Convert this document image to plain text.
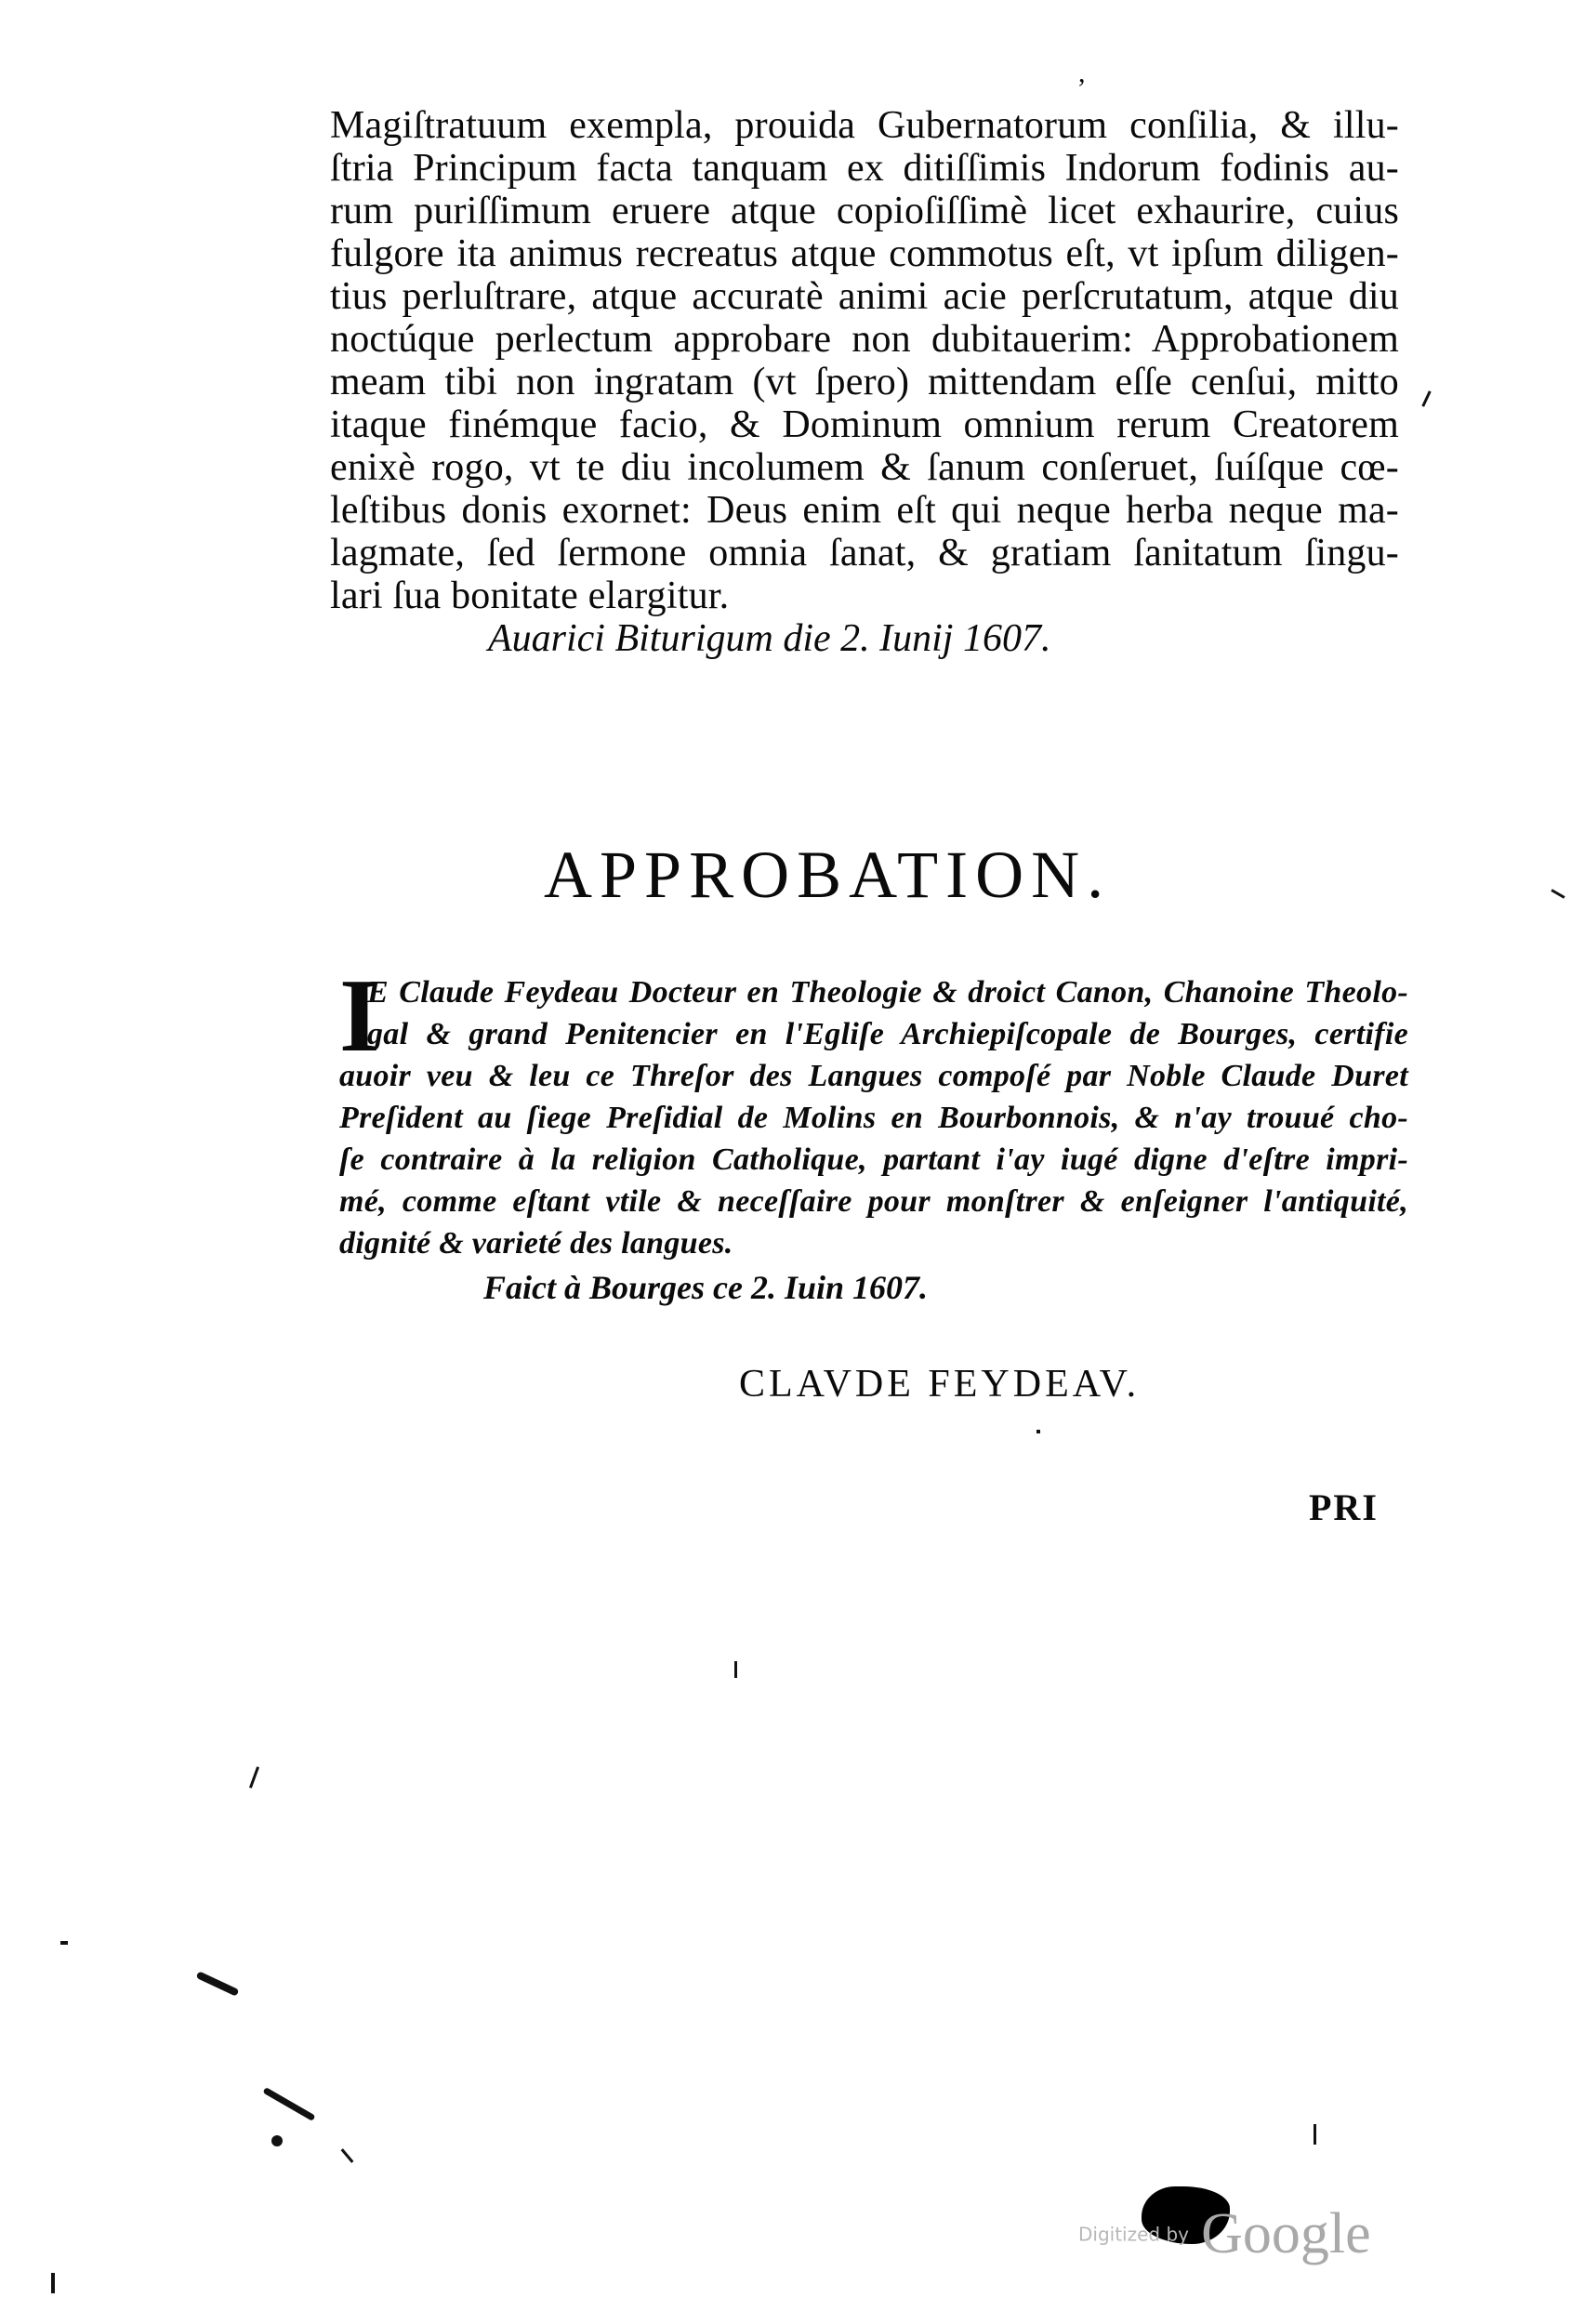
,
Magiſtratuum exempla, prouida Gubernatorum conſilia, & illu-
ſtria Principum facta tanquam ex ditiſſimis Indorum fodinis au-
rum puriſſimum eruere atque copioſiſſimè licet exhaurire, cuius
fulgore ita animus recreatus atque commotus eſt, vt ipſum diligen-
tius perluſtrare, atque accuratè animi acie perſcrutatum, atque diu
noctúque perlectum approbare non dubitauerim: Approbationem
meam tibi non ingratam (vt ſpero) mittendam eſſe cenſui, mitto
itaque finémque facio, & Dominum omnium rerum Creatorem
enixè rogo, vt te diu incolumem & ſanum conſeruet, ſuíſque cœ-
leſtibus donis exornet: Deus enim eſt qui neque herba neque ma-
lagmate, ſed ſermone omnia ſanat, & gratiam ſanitatum ſingu-
lari ſua bonitate elargitur.
Auarici Biturigum die 2. Iunij 1607.
APPROBATION.
I
E Claude Feydeau Docteur en Theologie & droict Canon, Chanoine Theolo-
gal & grand Penitencier en l'Egliſe Archiepiſcopale de Bourges, certifie
auoir veu & leu ce Threſor des Langues compoſé par Noble Claude Duret
Preſident au ſiege Preſidial de Molins en Bourbonnois, & n'ay trouué cho-
ſe contraire à la religion Catholique, partant i'ay iugé digne d'eſtre impri-
mé, comme eſtant vtile & neceſſaire pour monſtrer & enſeigner l'antiquité,
dignité & varieté des langues.
Faict à Bourges ce 2. Iuin 1607.
CLAVDE FEYDEAV.
PRI
Digitized by Google
